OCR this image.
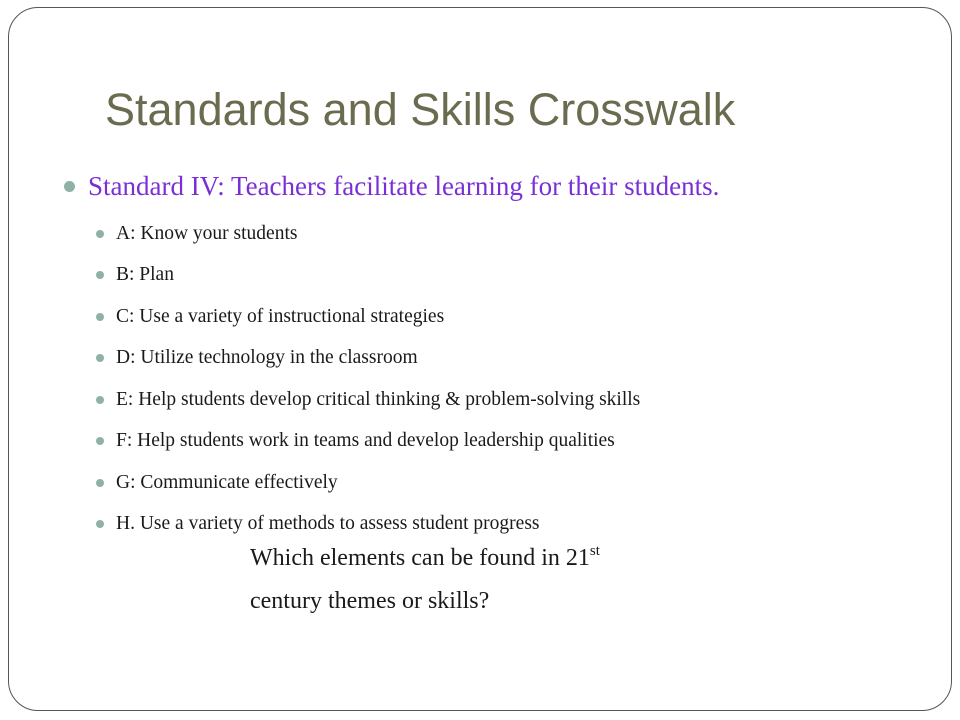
Standards and Skills Crosswalk
Standard IV: Teachers facilitate learning for their students.
A: Know your students
B: Plan
C: Use a variety of instructional strategies
D: Utilize technology in the classroom
E: Help students develop critical thinking & problem-solving skills
F: Help students work in teams and develop leadership qualities
G: Communicate effectively
H. Use a variety of methods to assess student progress
Which elements can be found in 21st
century themes or skills?
